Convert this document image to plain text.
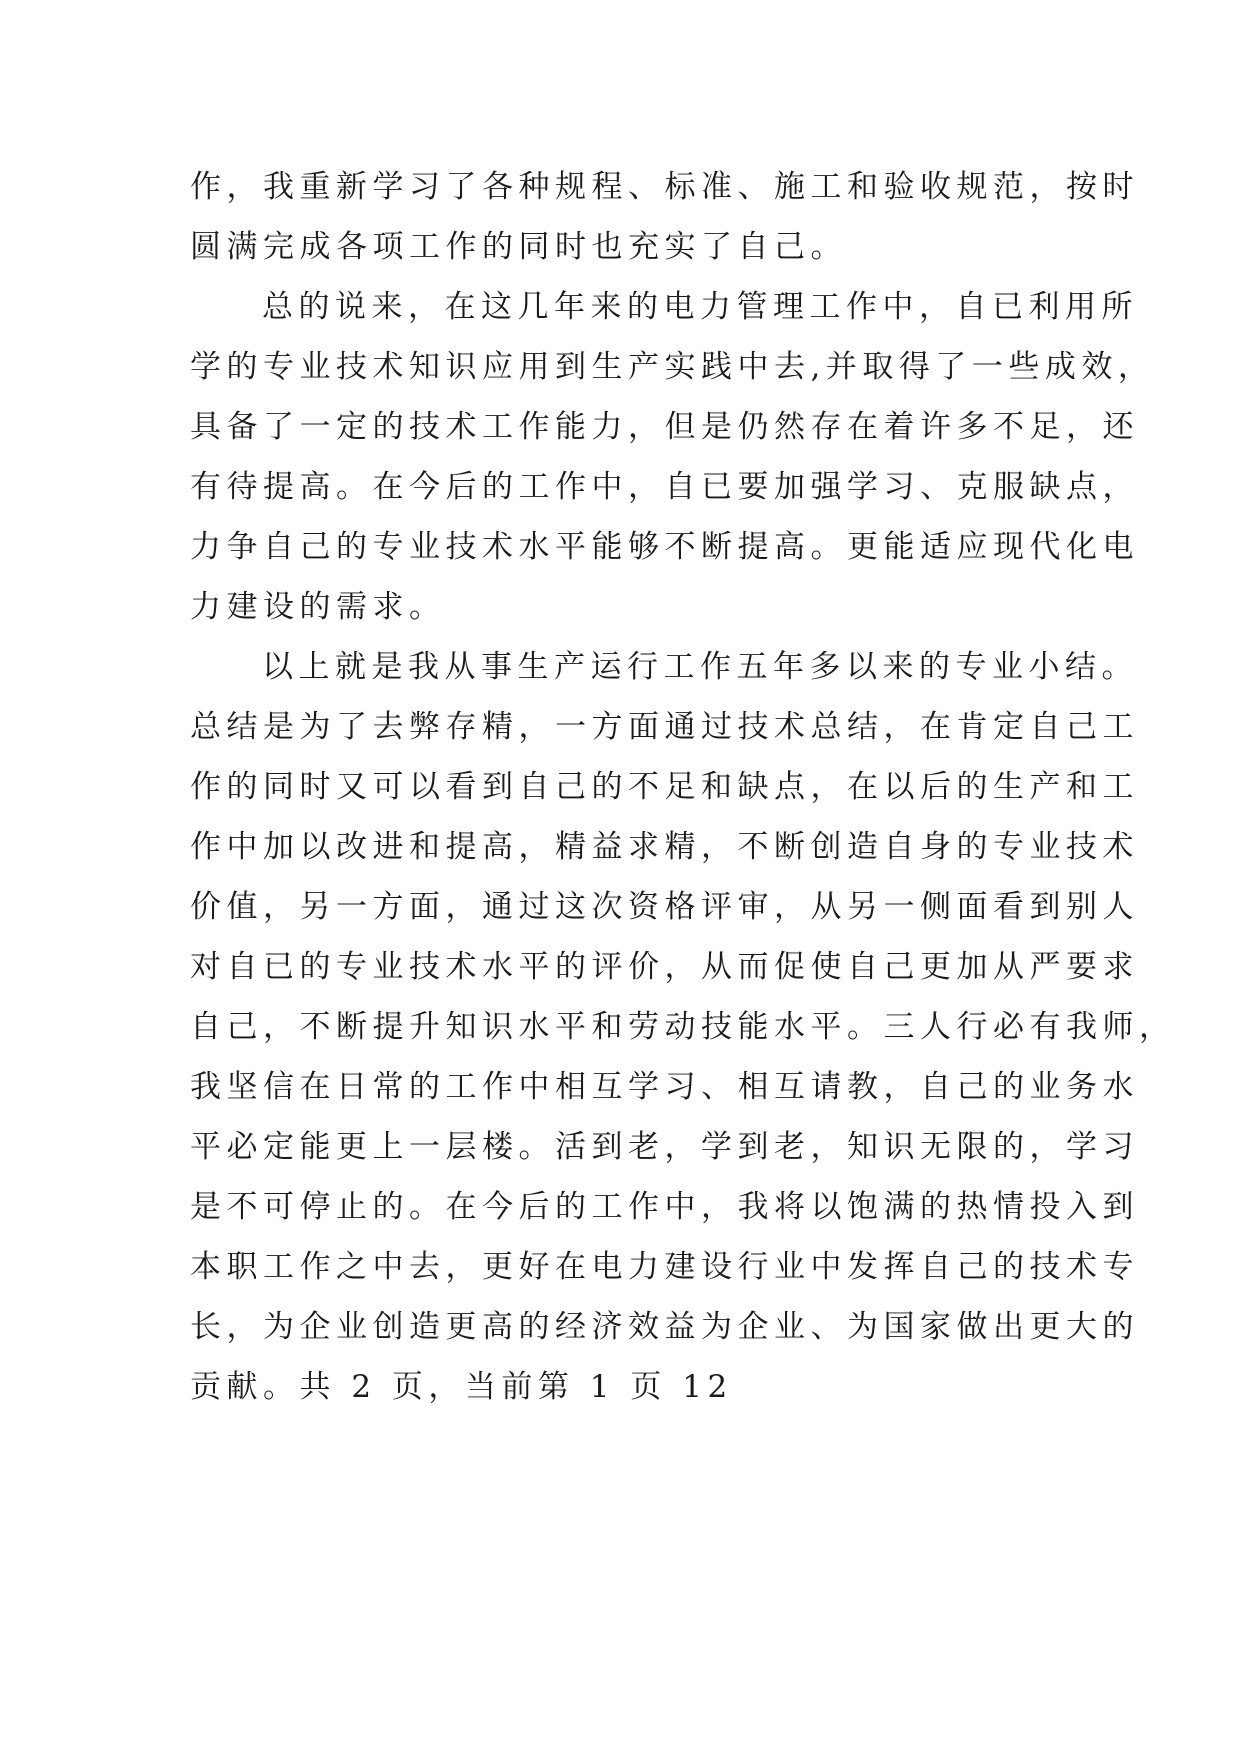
作，我重新学习了各种规程、标准、施工和验收规范，按时
圆满完成各项工作的同时也充实了自己。
总的说来，在这几年来的电力管理工作中，自已利用所
学的专业技术知识应用到生产实践中去,并取得了一些成效，
具备了一定的技术工作能力，但是仍然存在着许多不足，还
有待提高。在今后的工作中，自已要加强学习、克服缺点，
力争自己的专业技术水平能够不断提高。更能适应现代化电
力建设的需求。
以上就是我从事生产运行工作五年多以来的专业小结。
总结是为了去弊存精，一方面通过技术总结，在肯定自己工
作的同时又可以看到自己的不足和缺点，在以后的生产和工
作中加以改进和提高，精益求精，不断创造自身的专业技术
价值，另一方面，通过这次资格评审，从另一侧面看到别人
对自已的专业技术水平的评价，从而促使自己更加从严要求
自己，不断提升知识水平和劳动技能水平。三人行必有我师，
我坚信在日常的工作中相互学习、相互请教，自己的业务水
平必定能更上一层楼。活到老，学到老，知识无限的，学习
是不可停止的。在今后的工作中，我将以饱满的热情投入到
本职工作之中去，更好在电力建设行业中发挥自己的技术专
长，为企业创造更高的经济效益为企业、为国家做出更大的
贡献。共 2 页，当前第 1 页 12
